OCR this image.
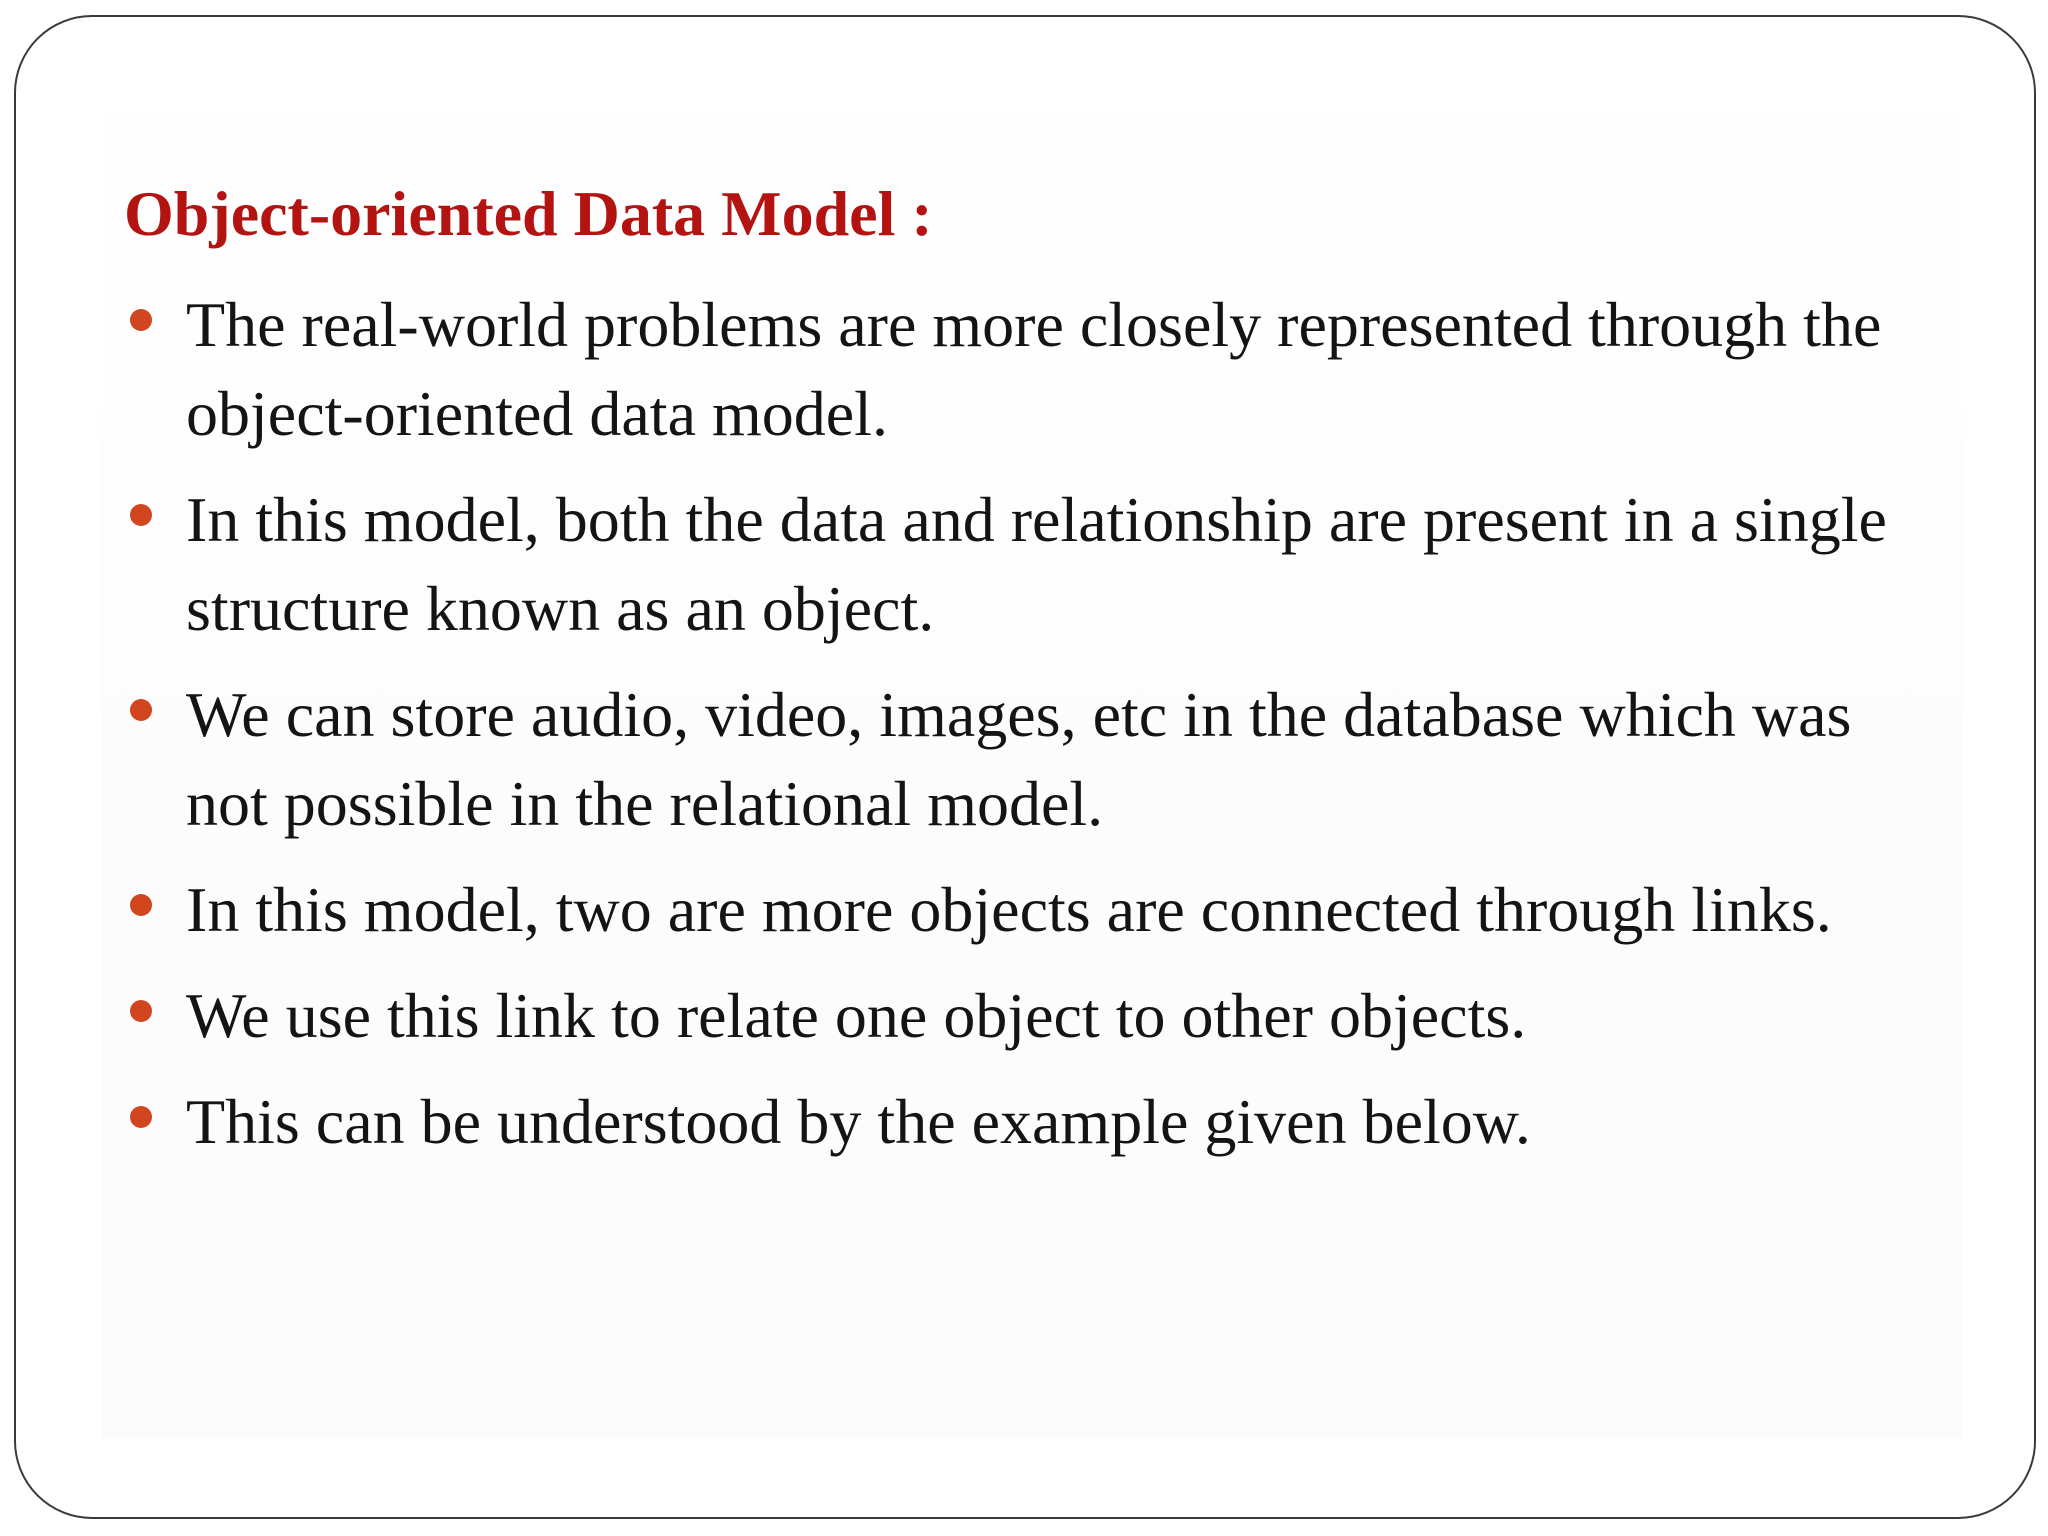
Object-oriented Data Model :
The real-world problems are more closely represented through the object-oriented data model.
In this model, both the data and relationship are present in a single structure known as an object.
We can store audio, video, images, etc in the database which was not possible in the relational model.
In this model, two are more objects are connected through links.
We use this link to relate one object to other objects.
This can be understood by the example given below.
